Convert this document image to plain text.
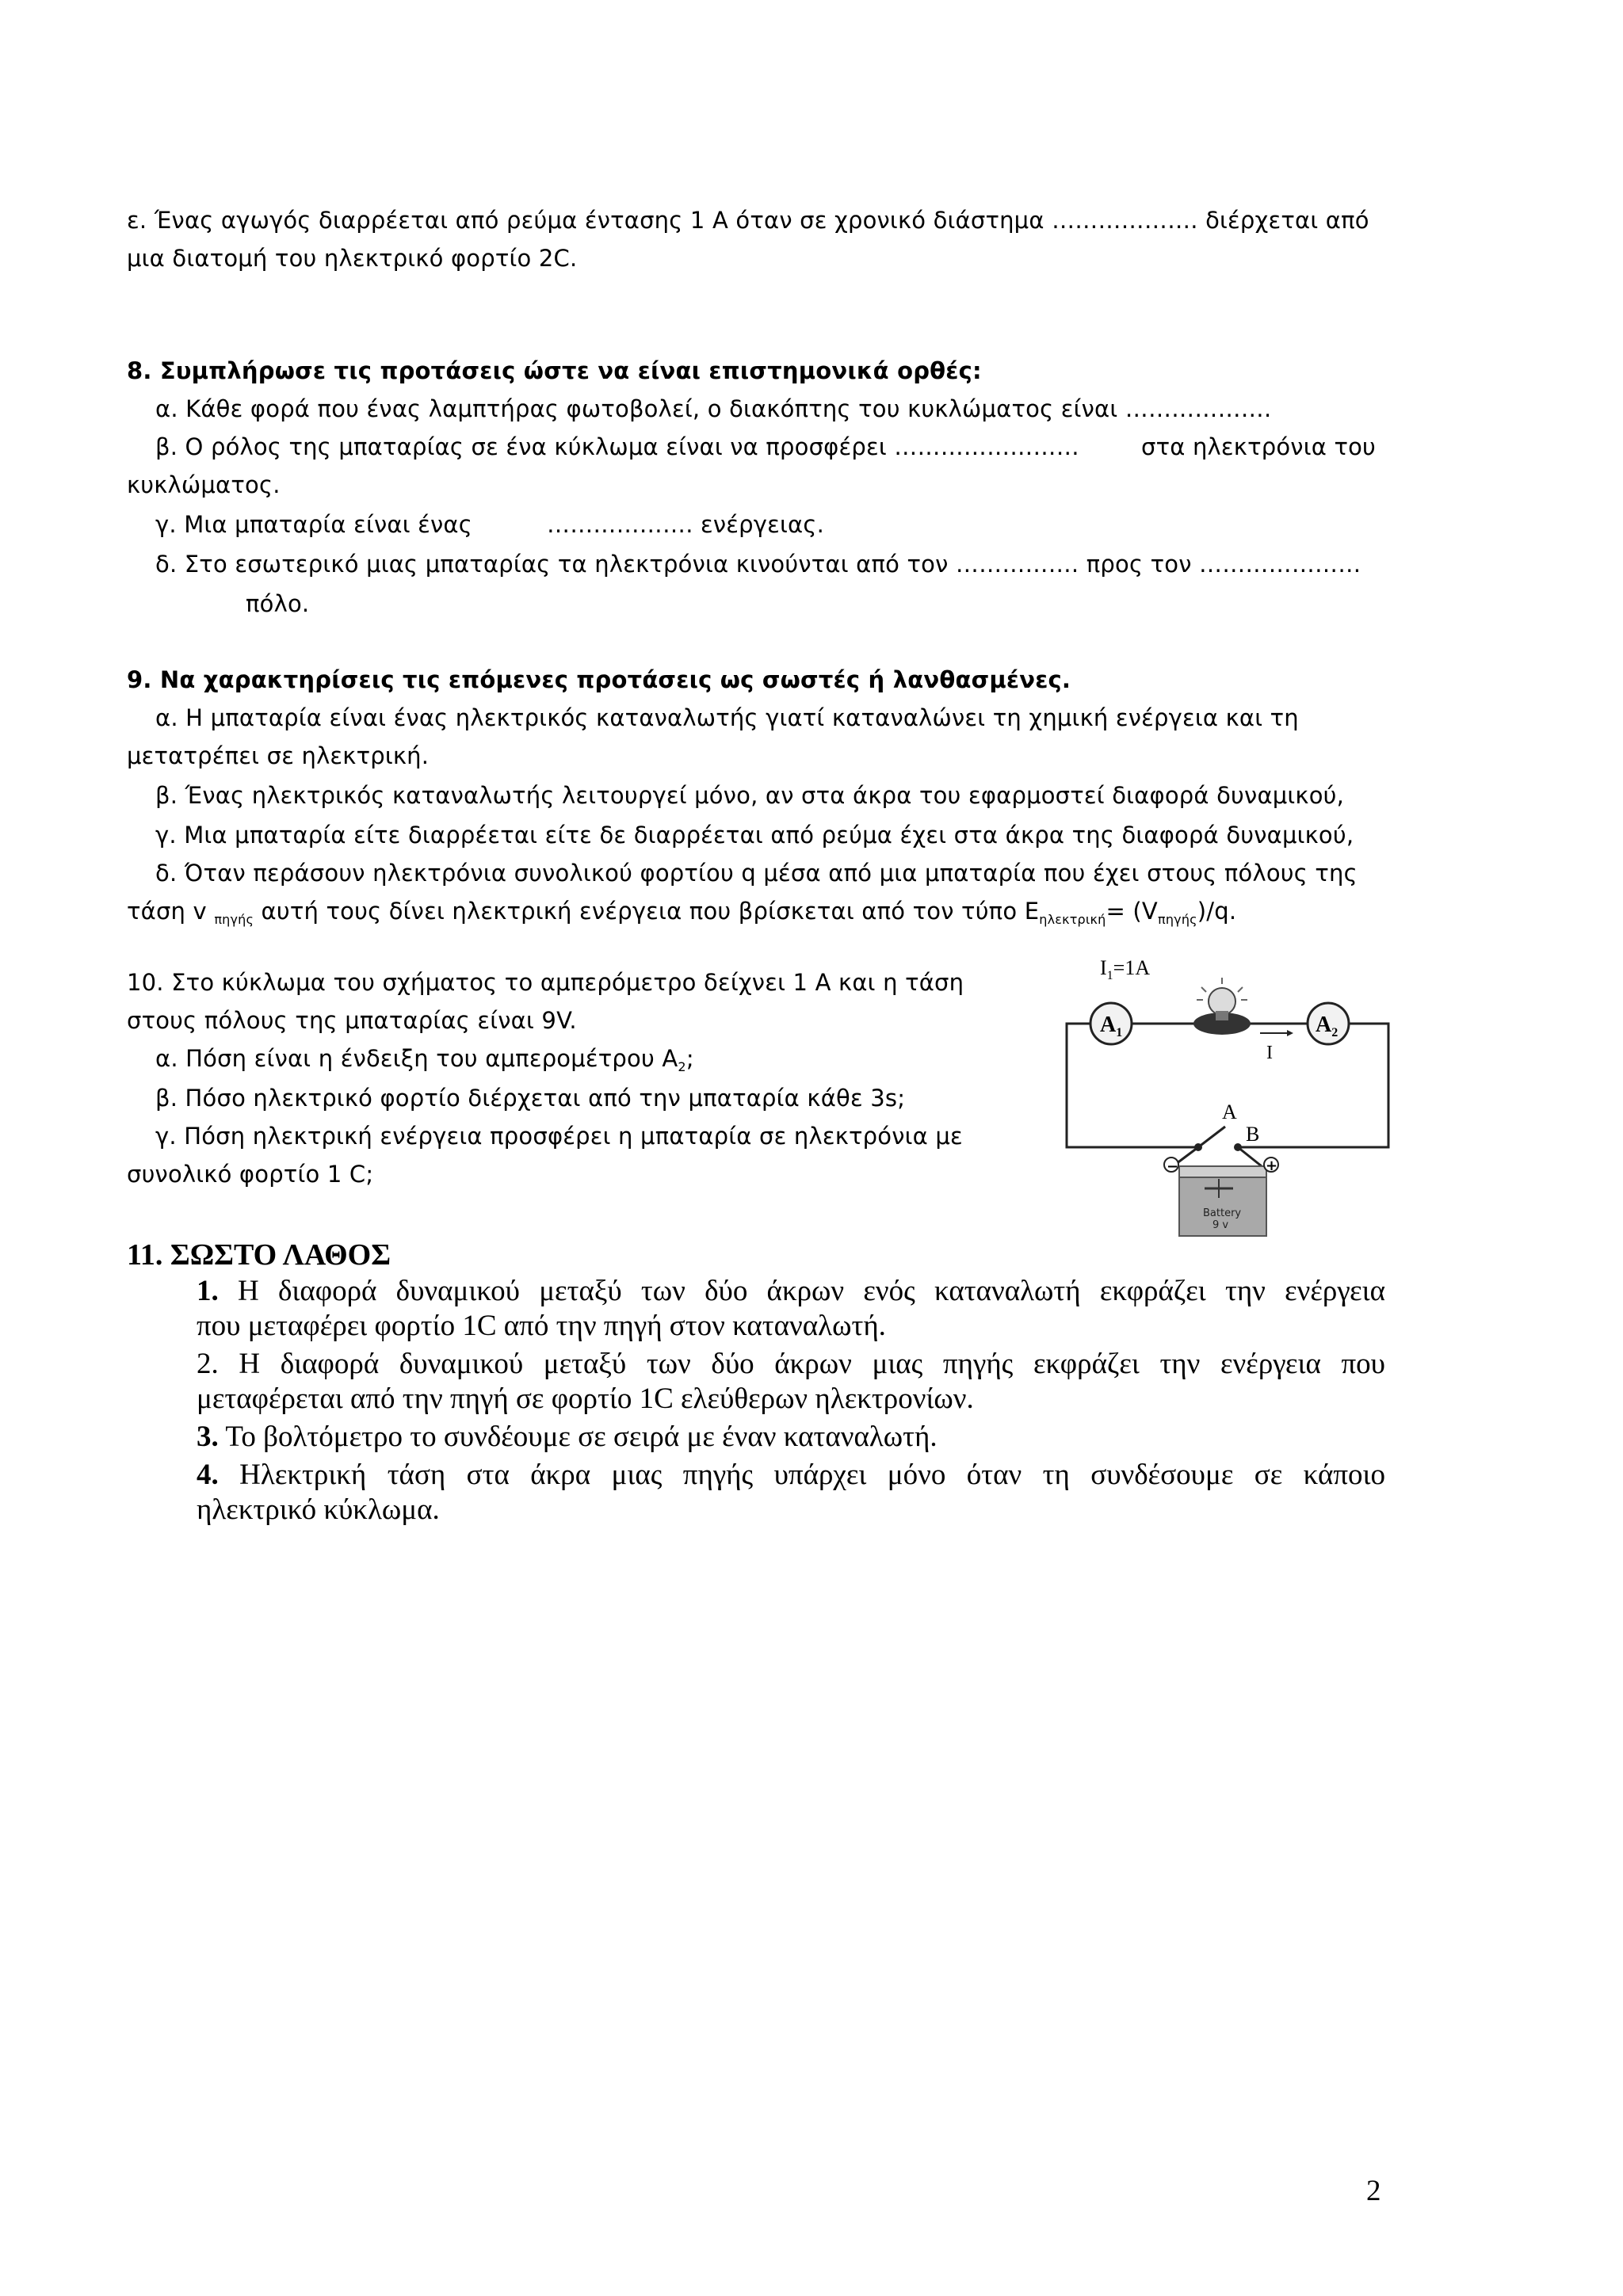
ε. Ένας αγωγός διαρρέεται από ρεύμα έντασης 1 A όταν σε χρονικό διάστημα ………………. διέρχεται από
μια διατομή του ηλεκτρικό φορτίο 2C.
8. Συμπλήρωσε τις προτάσεις ώστε να είναι επιστημονικά ορθές:
α. Κάθε φορά που ένας λαμπτήρας φωτοβολεί, ο διακόπτης του κυκλώματος είναι ……………….
β. Ο ρόλος της μπαταρίας σε ένα κύκλωμα είναι να προσφέρει ……………………	στα ηλεκτρόνια του
κυκλώματος.
γ. Μια μπαταρία είναι ένας	………………. ενέργειας.
δ. Στο εσωτερικό μιας μπαταρίας τα ηλεκτρόνια κινούνται από τον ……………. προς τον …………………
πόλο.
9. Να χαρακτηρίσεις τις επόμενες προτάσεις ως σωστές ή λανθασμένες.
α. Η μπαταρία είναι ένας ηλεκτρικός καταναλωτής γιατί καταναλώνει τη χημική ενέργεια και τη
μετατρέπει σε ηλεκτρική.
β. Ένας ηλεκτρικός καταναλωτής λειτουργεί μόνο, αν στα άκρα του εφαρμοστεί διαφορά δυναμικού,
γ. Μια μπαταρία είτε διαρρέεται είτε δε διαρρέεται από ρεύμα έχει στα άκρα της διαφορά δυναμικού,
δ. Όταν περάσουν ηλεκτρόνια συνολικού φορτίου q μέσα από μια μπαταρία που έχει στους πόλους της
τάση v $_{\pi\eta\gamma ή\varsigma}$ αυτή τους δίνει ηλεκτρική ενέργεια που βρίσκεται από τον τύπο $E_{\eta\lambda\varepsilon\kappa\tau\rho\iota\kappa ή}= (V_{\pi\eta\gamma ή\varsigma})/q$.
10. Στο κύκλωμα του σχήματος το αμπερόμετρο δείχνει 1 A και η τάση
στους πόλους της μπαταρίας είναι 9V.
α. Πόση είναι η ένδειξη του αμπερομέτρου $A_2$;
β. Πόσο ηλεκτρικό φορτίο διέρχεται από την μπαταρία κάθε 3s;
γ. Πόση ηλεκτρική ενέργεια προσφέρει η μπαταρία σε ηλεκτρόνια με
συνολικό φορτίο 1 C;
$I_1=1A$
$A_1$	$A_2$
I
A
B
−	+
Battery
9 v
11. ΣΩΣΤΟ ΛΑΘΟΣ
1. Η διαφορά δυναμικού μεταξύ των δύο άκρων ενός καταναλωτή εκφράζει την ενέργεια
που μεταφέρει φορτίο 1C από την πηγή στον καταναλωτή.
2. Η διαφορά δυναμικού μεταξύ των δύο άκρων μιας πηγής εκφράζει την ενέργεια που
μεταφέρεται από την πηγή σε φορτίο 1C ελεύθερων ηλεκτρονίων.
3. Το βολτόμετρο το συνδέουμε σε σειρά με έναν καταναλωτή.
4. Ηλεκτρική τάση στα άκρα μιας πηγής υπάρχει μόνο όταν τη συνδέσουμε σε κάποιο
ηλεκτρικό κύκλωμα.
2
